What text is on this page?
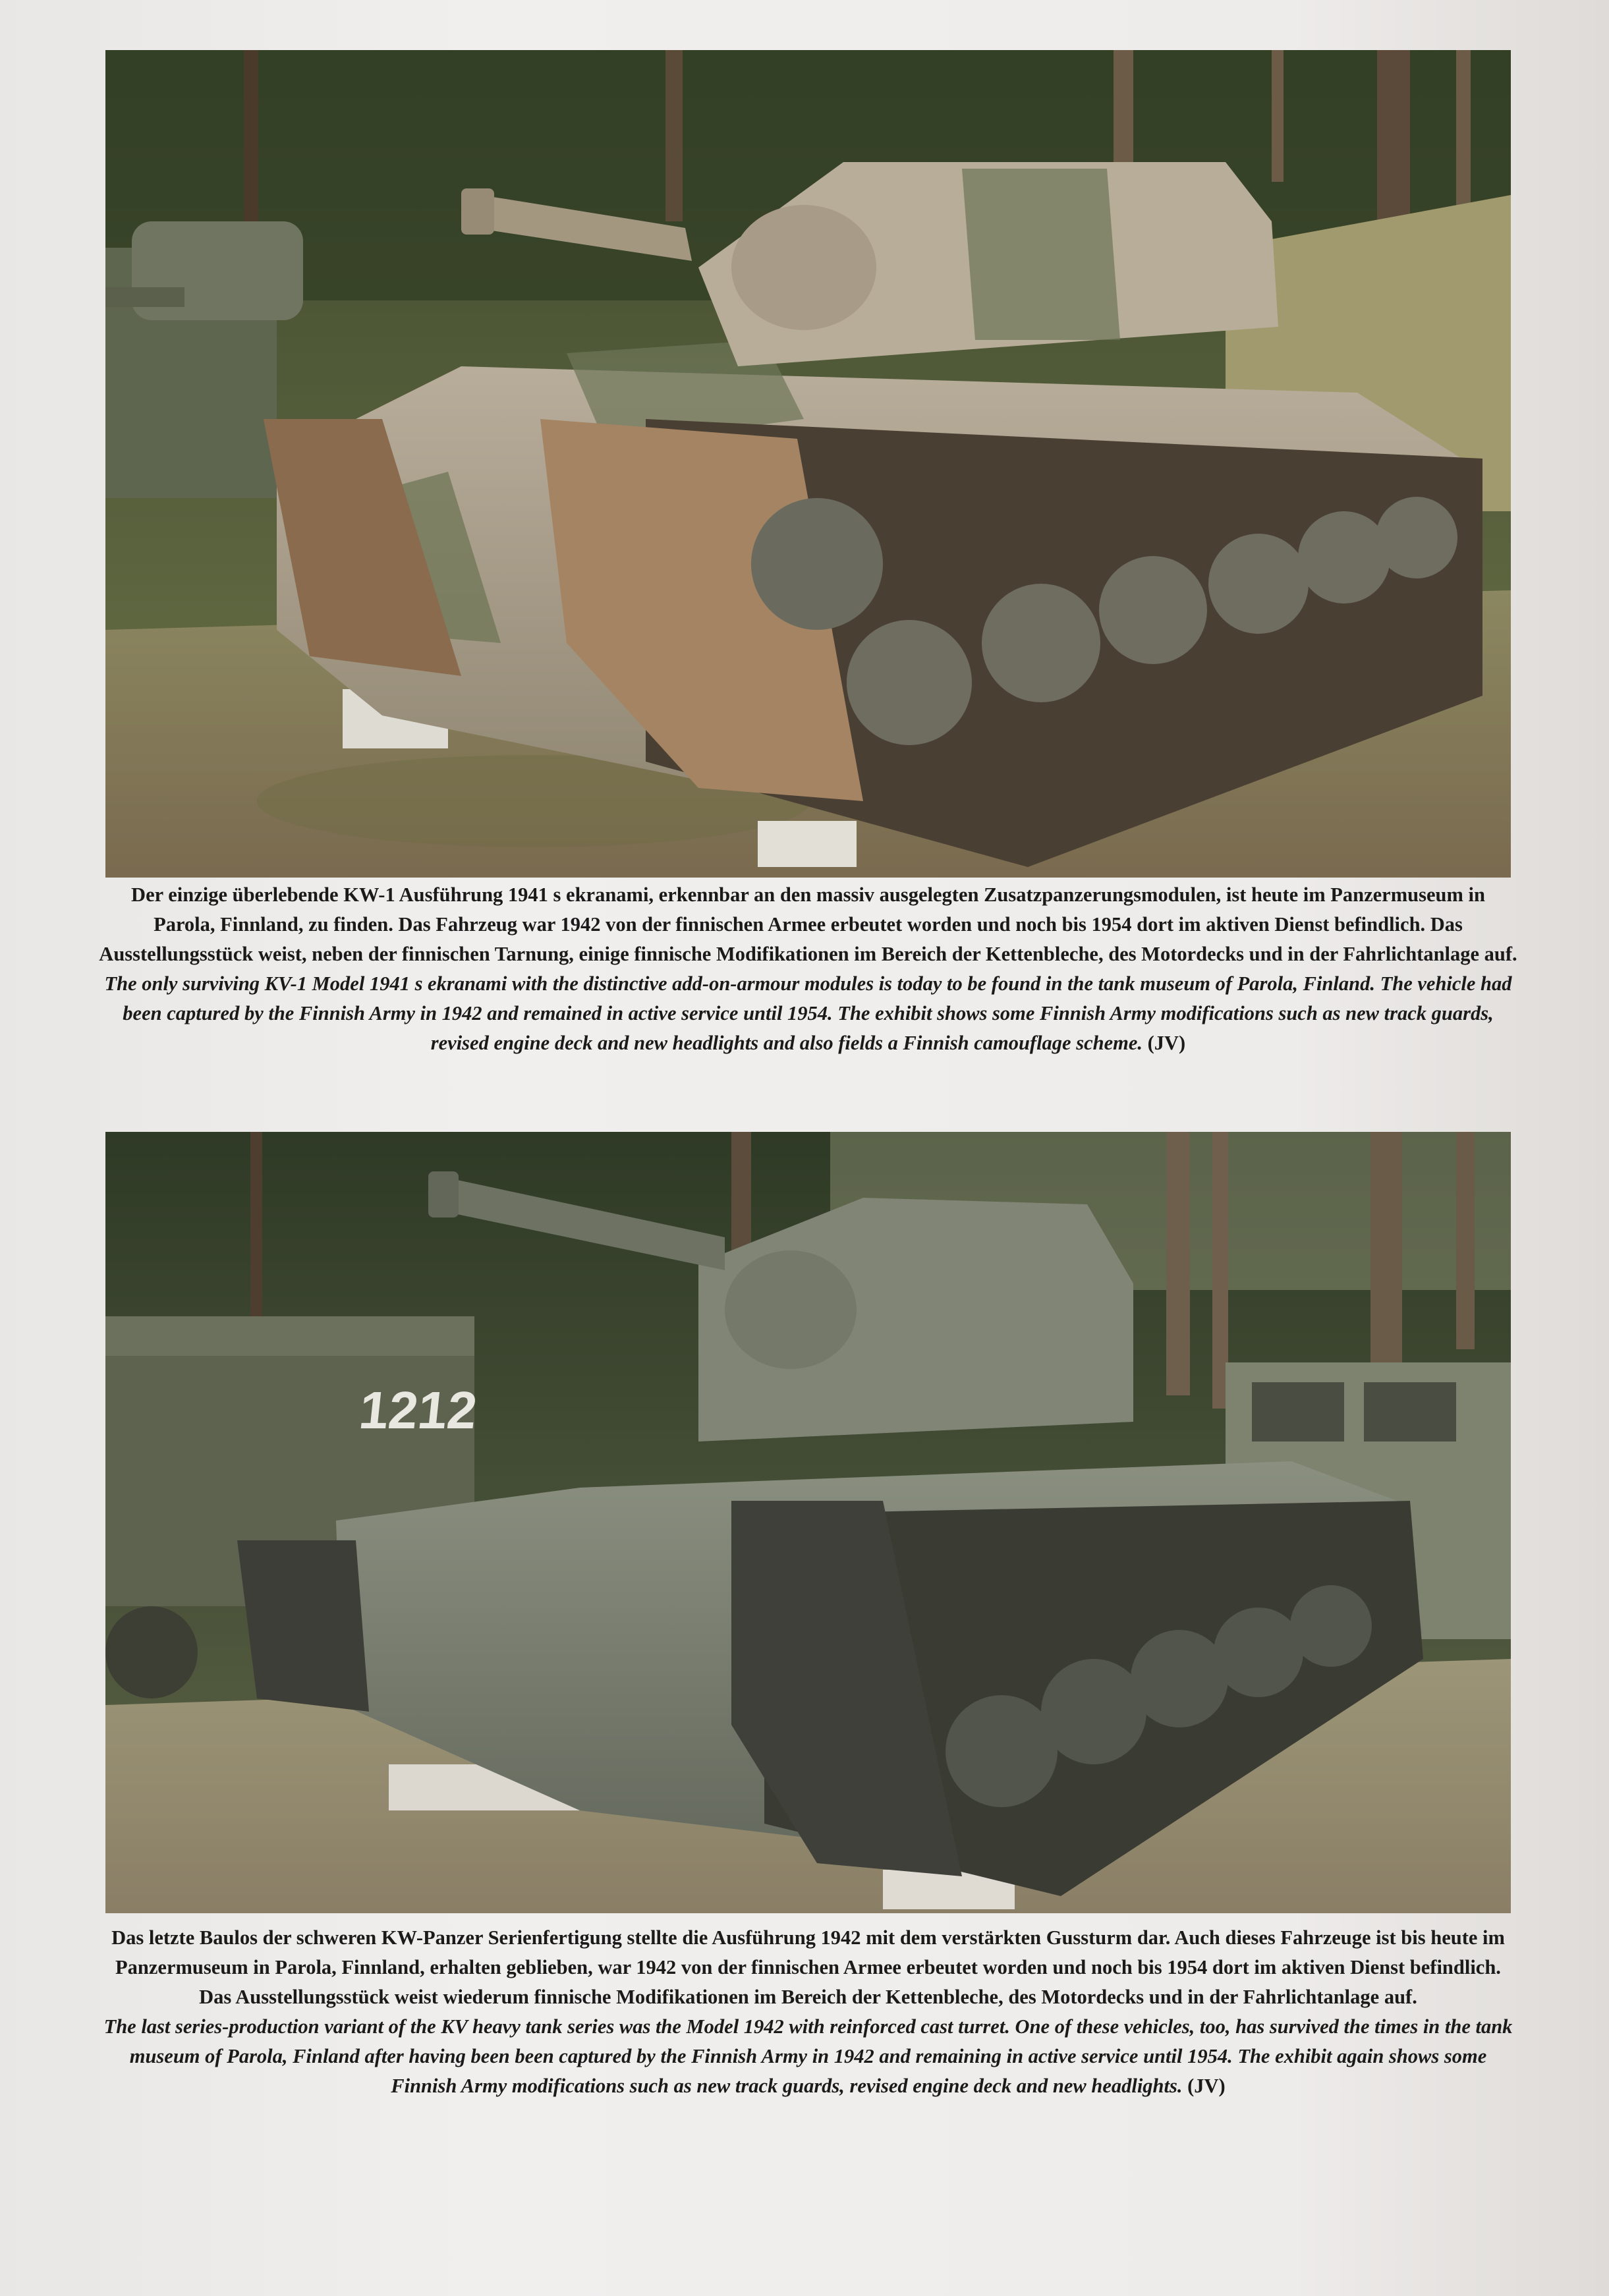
Der einzige überlebende KW-1 Ausführung 1941 s ekranami, erkennbar an den massiv ausgelegten Zusatzpanzerungsmodulen, ist heute im Panzermuseum in Parola, Finnland, zu finden. Das Fahrzeug war 1942 von der finnischen Armee erbeutet worden und noch bis 1954 dort im aktiven Dienst befindlich. Das Ausstellungsstück weist, neben der finnischen Tarnung, einige finnische Modifikationen im Bereich der Kettenbleche, des Motordecks und in der Fahrlichtanlage auf.

The only surviving KV-1 Model 1941 s ekranami with the distinctive add-on-armour modules is today to be found in the tank museum of Parola, Finland. The vehicle had been captured by the Finnish Army in 1942 and remained in active service until 1954. The exhibit shows some Finnish Army modifications such as new track guards, revised engine deck and new headlights and also fields a Finnish camouflage scheme. (JV)

1212

Das letzte Baulos der schweren KW-Panzer Serienfertigung stellte die Ausführung 1942 mit dem verstärkten Gussturm dar. Auch dieses Fahrzeuge ist bis heute im Panzermuseum in Parola, Finnland, erhalten geblieben, war 1942 von der finnischen Armee erbeutet worden und noch bis 1954 dort im aktiven Dienst befindlich. Das Ausstellungsstück weist wiederum finnische Modifikationen im Bereich der Kettenbleche, des Motordecks und in der Fahrlichtanlage auf.

The last series-production variant of the KV heavy tank series was the Model 1942 with reinforced cast turret. One of these vehicles, too, has survived the times in the tank museum of Parola, Finland after having been been captured by the Finnish Army in 1942 and remaining in active service until 1954. The exhibit again shows some Finnish Army modifications such as new track guards, revised engine deck and new headlights. (JV)
